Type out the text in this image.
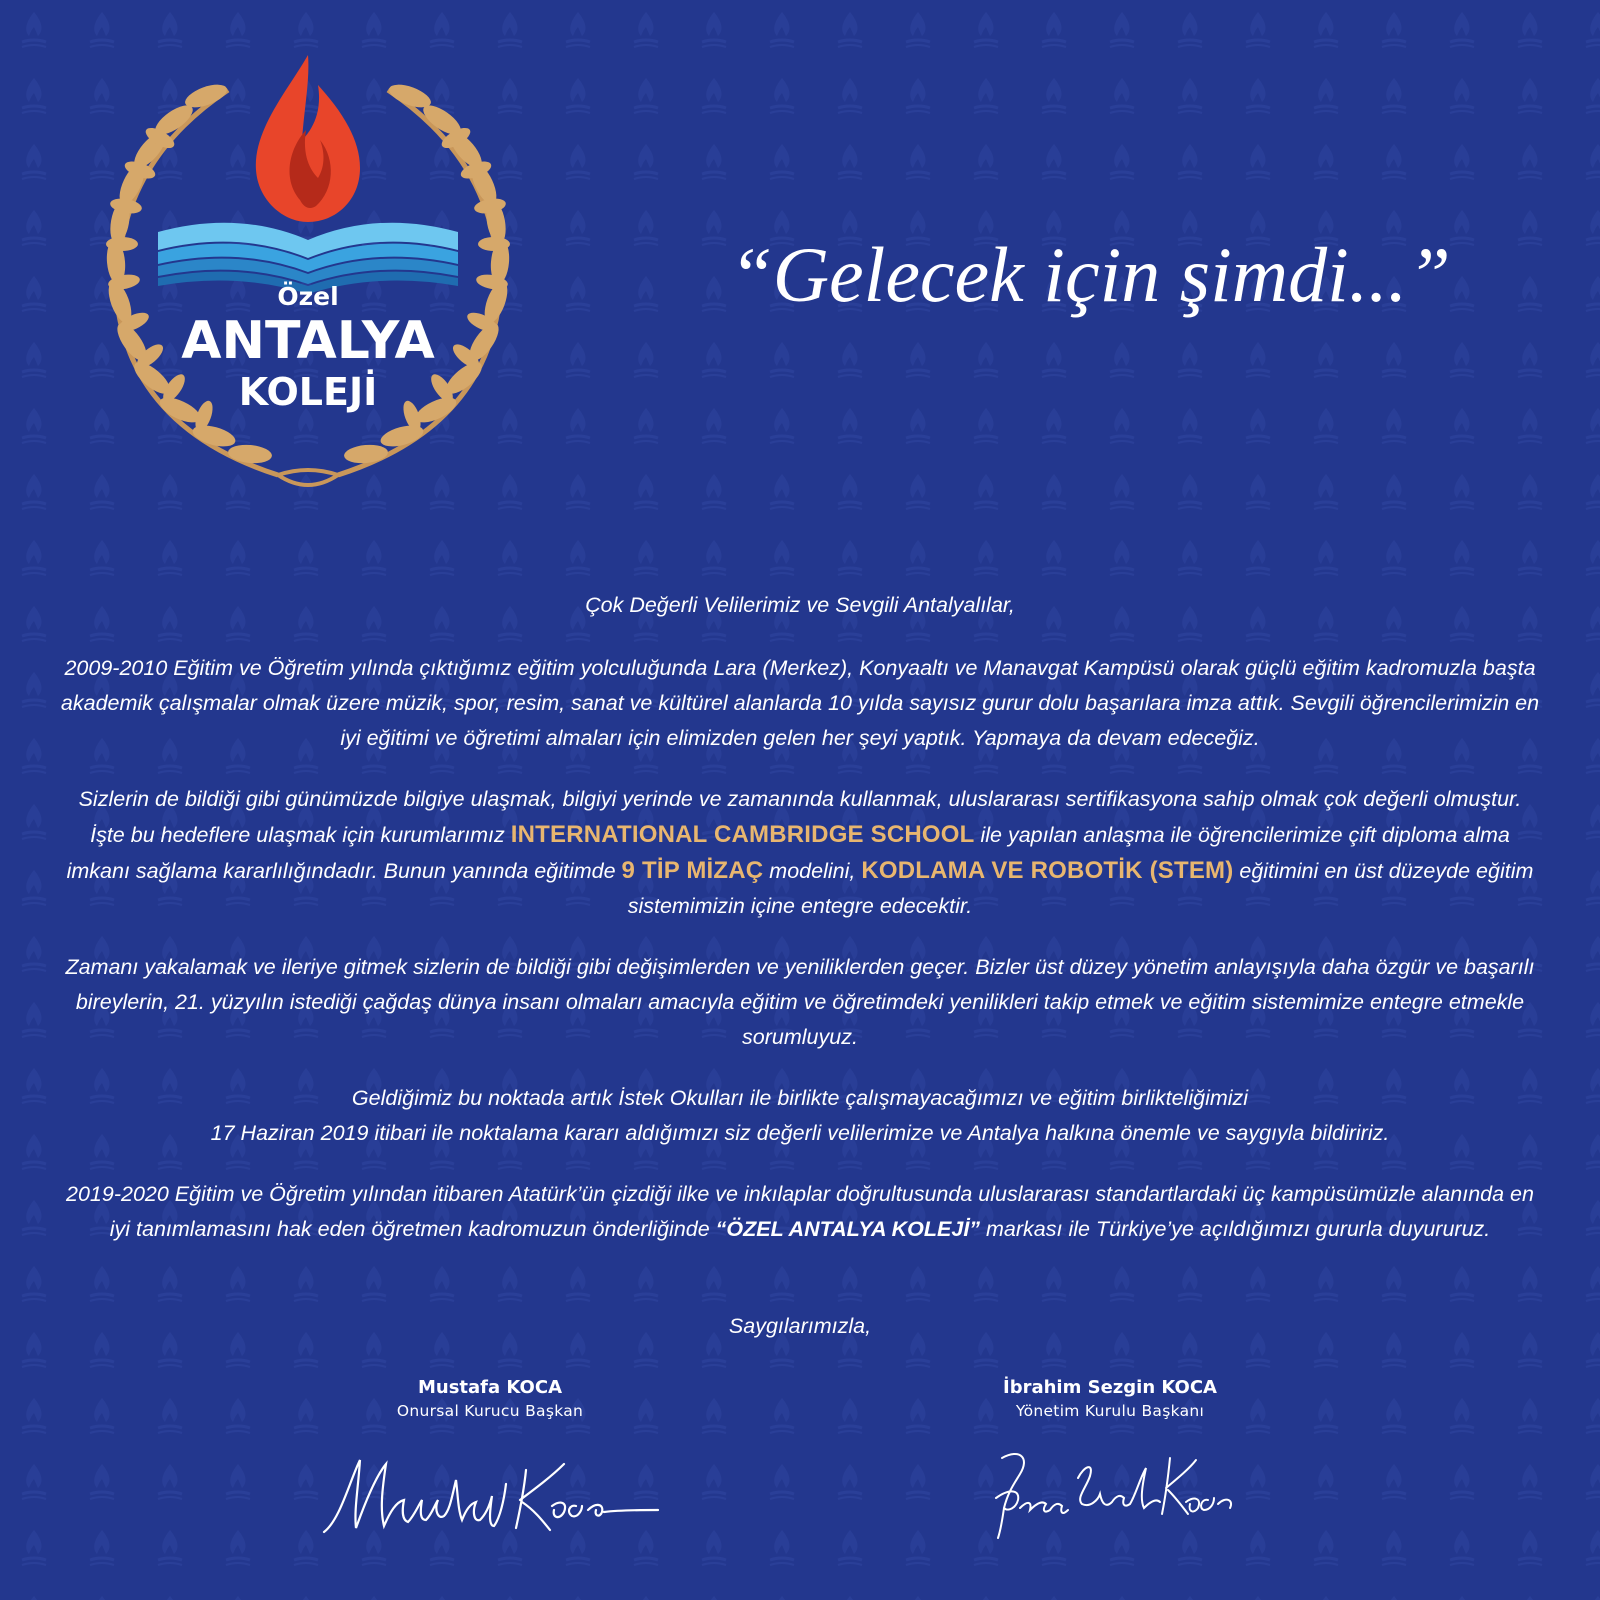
Özel
ANTALYA
KOLEJİ
“Gelecek için şimdi...”

Çok Değerli Velilerimiz ve Sevgili Antalyalılar,

2009-2010 Eğitim ve Öğretim yılında çıktığımız eğitim yolculuğunda Lara (Merkez), Konyaaltı ve Manavgat Kampüsü olarak güçlü eğitim kadromuzla başta akademik çalışmalar olmak üzere müzik, spor, resim, sanat ve kültürel alanlarda 10 yılda sayısız gurur dolu başarılara imza attık. Sevgili öğrencilerimizin en iyi eğitimi ve öğretimi almaları için elimizden gelen her şeyi yaptık. Yapmaya da devam edeceğiz.

Sizlerin de bildiği gibi günümüzde bilgiye ulaşmak, bilgiyi yerinde ve zamanında kullanmak, uluslararası sertifikasyona sahip olmak çok değerli olmuştur. İşte bu hedeflere ulaşmak için kurumlarımız INTERNATIONAL CAMBRIDGE SCHOOL ile yapılan anlaşma ile öğrencilerimize çift diploma alma imkanı sağlama kararlılığındadır. Bunun yanında eğitimde 9 TİP MİZAÇ modelini, KODLAMA VE ROBOTİK (STEM) eğitimini en üst düzeyde eğitim sistemimizin içine entegre edecektir.

Zamanı yakalamak ve ileriye gitmek sizlerin de bildiği gibi değişimlerden ve yeniliklerden geçer. Bizler üst düzey yönetim anlayışıyla daha özgür ve başarılı bireylerin, 21. yüzyılın istediği çağdaş dünya insanı olmaları amacıyla eğitim ve öğretimdeki yenilikleri takip etmek ve eğitim sistemimize entegre etmekle sorumluyuz.

Geldiğimiz bu noktada artık İstek Okulları ile birlikte çalışmayacağımızı ve eğitim birlikteliğimizi
17 Haziran 2019 itibari ile noktalama kararı aldığımızı siz değerli velilerimize ve Antalya halkına önemle ve saygıyla bildiririz.

2019-2020 Eğitim ve Öğretim yılından itibaren Atatürk’ün çizdiği ilke ve inkılaplar doğrultusunda uluslararası standartlardaki üç kampüsümüzle alanında en iyi tanımlamasını hak eden öğretmen kadromuzun önderliğinde “ÖZEL ANTALYA KOLEJİ” markası ile Türkiye’ye açıldığımızı gururla duyururuz.

Saygılarımızla,
Mustafa KOCA
Onursal Kurucu Başkan
İbrahim Sezgin KOCA
Yönetim Kurulu Başkanı
